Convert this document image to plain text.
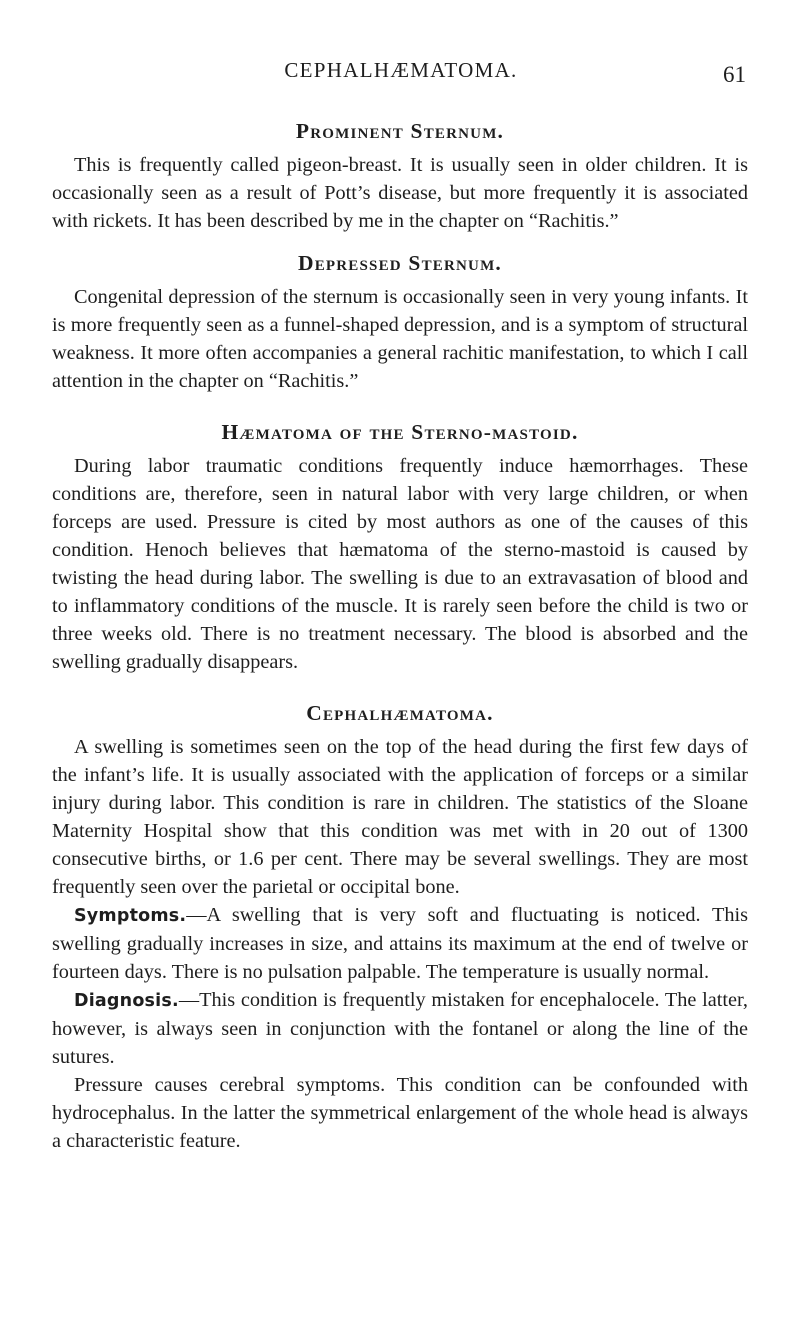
CEPHALHÆMATOMA.	61
Prominent Sternum.

This is frequently called pigeon-breast. It is usually seen in older children. It is occasionally seen as a result of Pott’s disease, but more frequently it is associated with rickets. It has been described by me in the chapter on “Rachitis.”

Depressed Sternum.

Congenital depression of the sternum is occasionally seen in very young infants. It is more frequently seen as a funnel-shaped depression, and is a symptom of structural weakness. It more often accompanies a general rachitic manifestation, to which I call attention in the chapter on “Rachitis.”

Hæmatoma of the Sterno-mastoid.

During labor traumatic conditions frequently induce hæmorrhages. These conditions are, therefore, seen in natural labor with very large children, or when forceps are used. Pressure is cited by most authors as one of the causes of this condition. Henoch believes that hæmatoma of the sterno-mastoid is caused by twisting the head during labor. The swelling is due to an extravasation of blood and to inflammatory conditions of the muscle. It is rarely seen before the child is two or three weeks old. There is no treatment necessary. The blood is absorbed and the swelling gradually disappears.

Cephalhæmatoma.

A swelling is sometimes seen on the top of the head during the first few days of the infant’s life. It is usually associated with the application of forceps or a similar injury during labor. This condition is rare in children. The statistics of the Sloane Maternity Hospital show that this condition was met with in 20 out of 1300 consecutive births, or 1.6 per cent. There may be several swellings. They are most frequently seen over the parietal or occipital bone.

Symptoms.—A swelling that is very soft and fluctuating is noticed. This swelling gradually increases in size, and attains its maximum at the end of twelve or fourteen days. There is no pulsation palpable. The temperature is usually normal.

Diagnosis.—This condition is frequently mistaken for encephalocele. The latter, however, is always seen in conjunction with the fontanel or along the line of the sutures.

Pressure causes cerebral symptoms. This condition can be confounded with hydrocephalus. In the latter the symmetrical enlargement of the whole head is always a characteristic feature.
